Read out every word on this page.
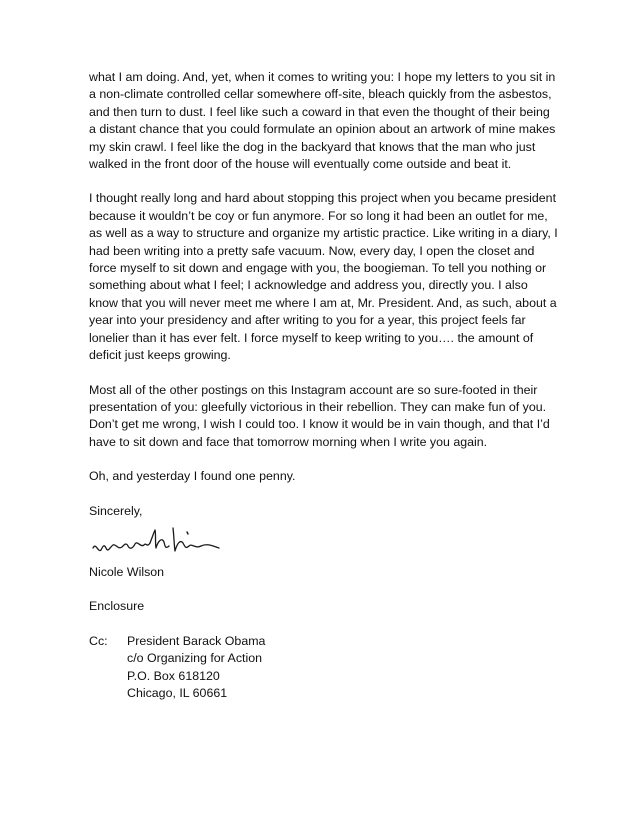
what I am doing. And, yet, when it comes to writing you: I hope my letters to you sit in a non-climate controlled cellar somewhere off-site, bleach quickly from the asbestos, and then turn to dust. I feel like such a coward in that even the thought of their being a distant chance that you could formulate an opinion about an artwork of mine makes my skin crawl. I feel like the dog in the backyard that knows that the man who just walked in the front door of the house will eventually come outside and beat it.

I thought really long and hard about stopping this project when you became president because it wouldn’t be coy or fun anymore. For so long it had been an outlet for me, as well as a way to structure and organize my artistic practice. Like writing in a diary, I had been writing into a pretty safe vacuum. Now, every day, I open the closet and force myself to sit down and engage with you, the boogieman. To tell you nothing or something about what I feel; I acknowledge and address you, directly you. I also know that you will never meet me where I am at, Mr. President. And, as such, about a year into your presidency and after writing to you for a year, this project feels far lonelier than it has ever felt. I force myself to keep writing to you…. the amount of deficit just keeps growing.

Most all of the other postings on this Instagram account are so sure-footed in their presentation of you: gleefully victorious in their rebellion. They can make fun of you. Don’t get me wrong, I wish I could too. I know it would be in vain though, and that I’d have to sit down and face that tomorrow morning when I write you again.

Oh, and yesterday I found one penny.

Sincerely,

Nicole Wilson

Enclosure

Cc:	President Barack Obama
c/o Organizing for Action
P.O. Box 618120
Chicago, IL 60661
